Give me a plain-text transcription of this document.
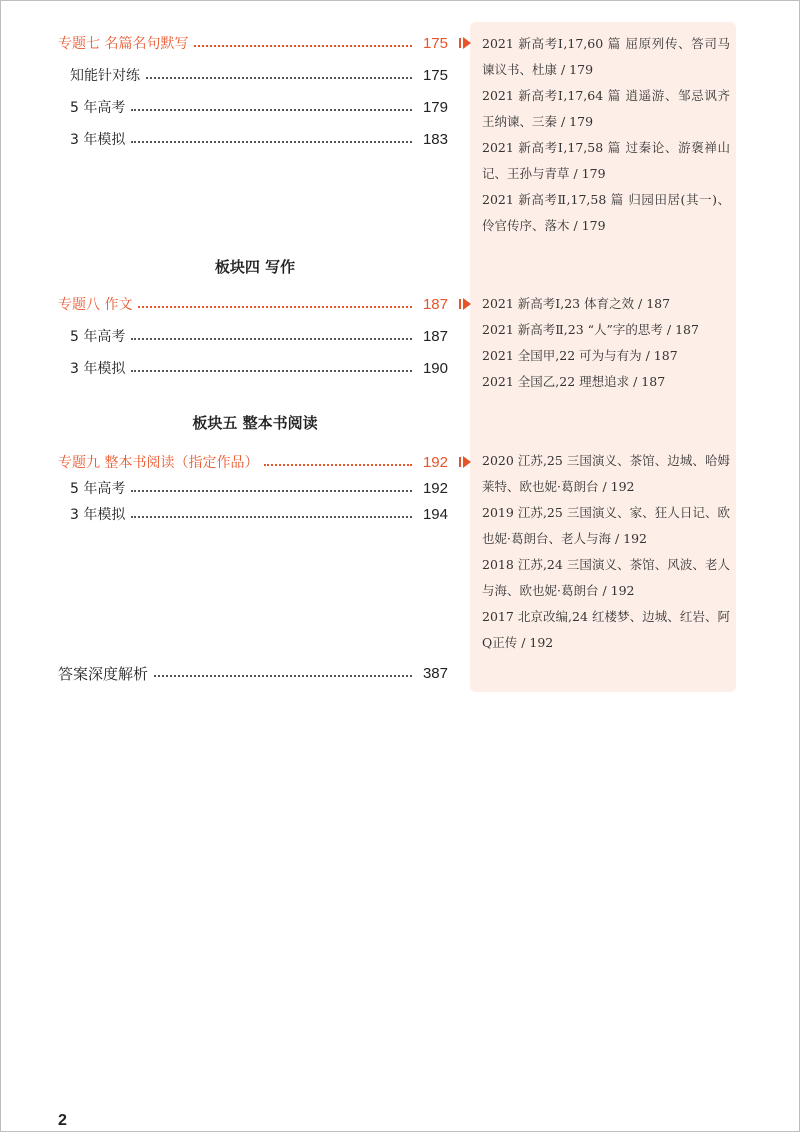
专题七 名篇名句默写	175
知能针对练	175
5 年高考	179
3 年模拟	183
板块四 写作
专题八 作文	187
5 年高考	187
3 年模拟	190
板块五 整本书阅读
专题九 整本书阅读（指定作品）	192
5 年高考	192
3 年模拟	194
答案深度解析	387
2021 新高考Ⅰ,17,60 篇 屈原列传、答司马谏议书、杜康 / 179
2021 新高考Ⅰ,17,64 篇 逍遥游、邹忌讽齐王纳谏、三秦 / 179
2021 新高考Ⅰ,17,58 篇 过秦论、游褒禅山记、王孙与青草 / 179
2021 新高考Ⅱ,17,58 篇 归园田居(其一)、伶官传序、落木 / 179
2021 新高考Ⅰ,23 体育之效 / 187
2021 新高考Ⅱ,23 “人”字的思考 / 187
2021 全国甲,22 可为与有为 / 187
2021 全国乙,22 理想追求 / 187
2020 江苏,25 三国演义、茶馆、边城、哈姆莱特、欧也妮·葛朗台 / 192
2019 江苏,25 三国演义、家、狂人日记、欧也妮·葛朗台、老人与海 / 192
2018 江苏,24 三国演义、茶馆、风波、老人与海、欧也妮·葛朗台 / 192
2017 北京改编,24 红楼梦、边城、红岩、阿Q正传 / 192
2
